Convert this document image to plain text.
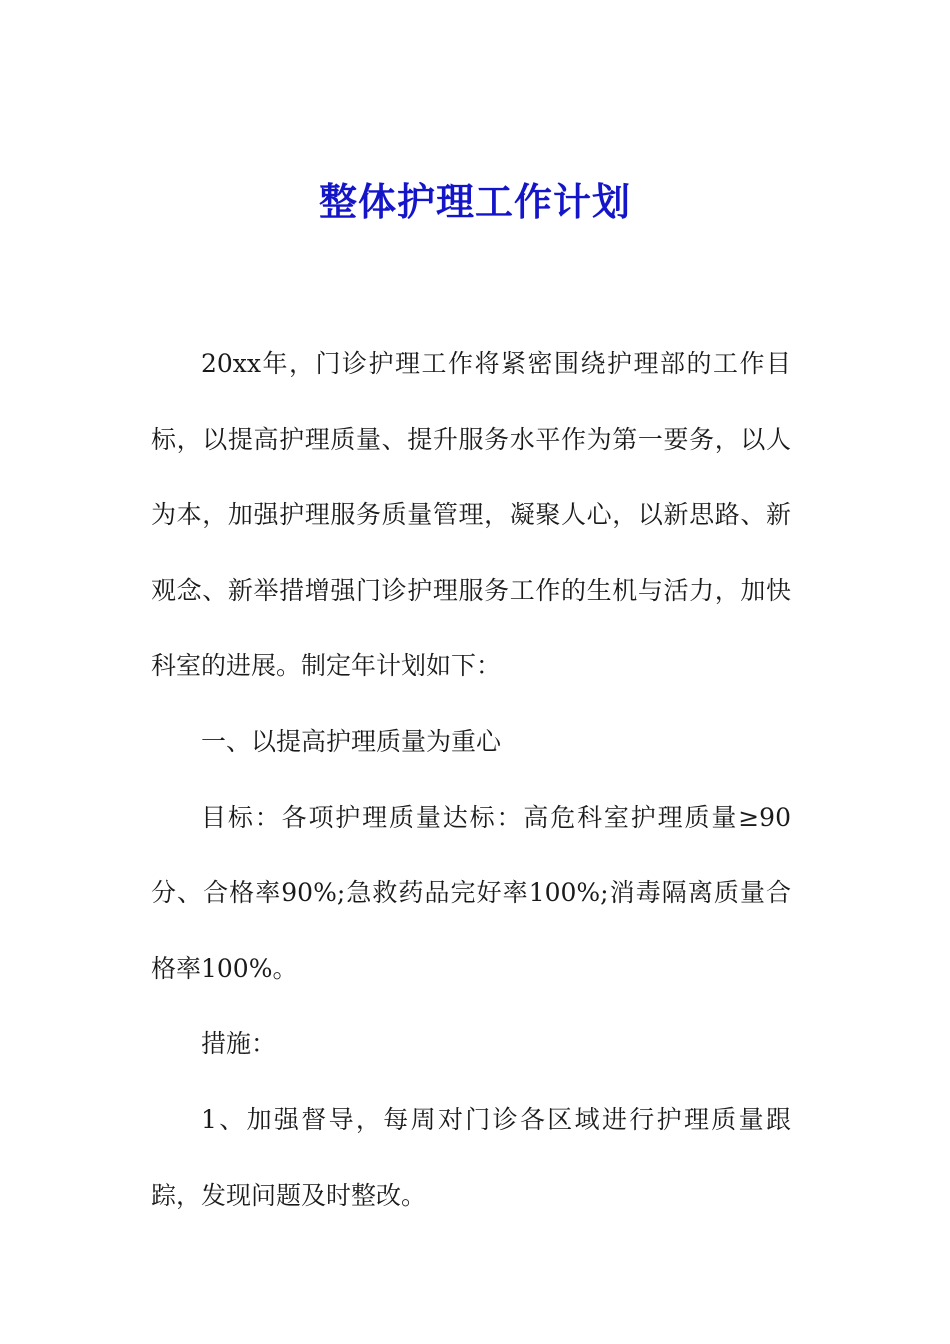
整体护理工作计划

20xx年，门诊护理工作将紧密围绕护理部的工作目标，以提高护理质量、提升服务水平作为第一要务，以人为本，加强护理服务质量管理，凝聚人心，以新思路、新观念、新举措增强门诊护理服务工作的生机与活力，加快科室的进展。制定年计划如下：

一、以提高护理质量为重心

目标：各项护理质量达标：高危科室护理质量≥90分、合格率90%;急救药品完好率100%;消毒隔离质量合格率100%。

措施：

1、加强督导，每周对门诊各区域进行护理质量跟踪，发现问题及时整改。
